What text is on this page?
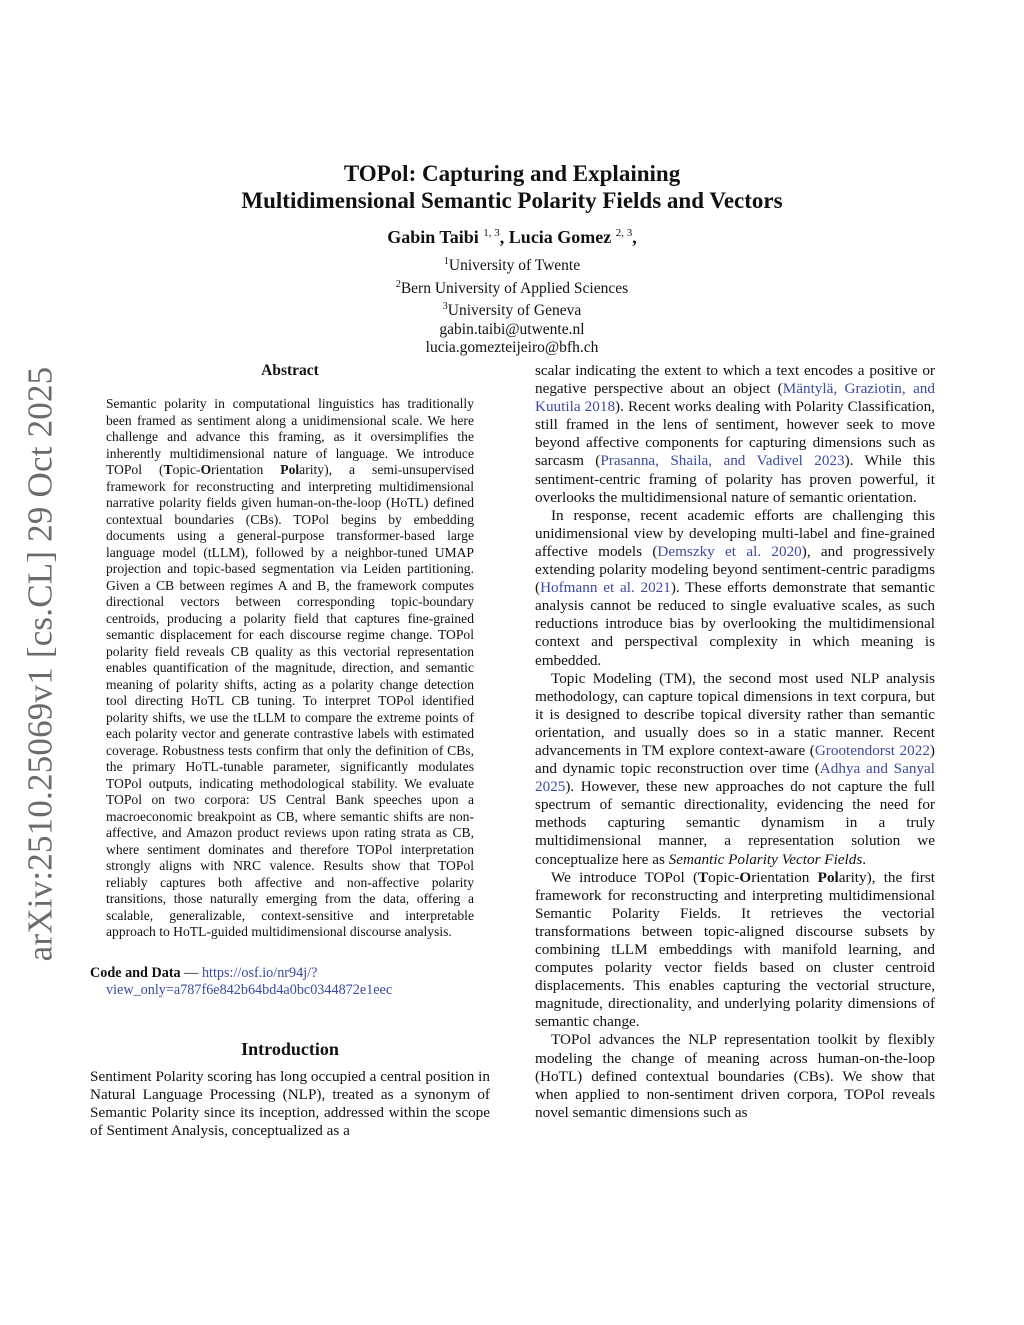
arXiv:2510.25069v1 [cs.CL] 29 Oct 2025
TOPol: Capturing and Explaining
Multidimensional Semantic Polarity Fields and Vectors
Gabin Taibi $^{1, 3}$, Lucia Gomez $^{2, 3}$,
$^1$University of Twente
$^2$Bern University of Applied Sciences
$^3$University of Geneva
gabin.taibi@utwente.nl
lucia.gomezteijeiro@bfh.ch
Abstract

Semantic polarity in computational linguistics has traditionally been framed as sentiment along a unidimensional scale. We here challenge and advance this framing, as it oversimplifies the inherently multidimensional nature of language. We introduce TOPol (Topic-Orientation Polarity), a semi-unsupervised framework for reconstructing and interpreting multidimensional narrative polarity fields given human-on-the-loop (HoTL) defined contextual boundaries (CBs). TOPol begins by embedding documents using a general-purpose transformer-based large language model (tLLM), followed by a neighbor-tuned UMAP projection and topic-based segmentation via Leiden partitioning. Given a CB between regimes A and B, the framework computes directional vectors between corresponding topic-boundary centroids, producing a polarity field that captures fine-grained semantic displacement for each discourse regime change. TOPol polarity field reveals CB quality as this vectorial representation enables quantification of the magnitude, direction, and semantic meaning of polarity shifts, acting as a polarity change detection tool directing HoTL CB tuning. To interpret TOPol identified polarity shifts, we use the tLLM to compare the extreme points of each polarity vector and generate contrastive labels with estimated coverage. Robustness tests confirm that only the definition of CBs, the primary HoTL-tunable parameter, significantly modulates TOPol outputs, indicating methodological stability. We evaluate TOPol on two corpora: US Central Bank speeches upon a macroeconomic breakpoint as CB, where semantic shifts are non-affective, and Amazon product reviews upon rating strata as CB, where sentiment dominates and therefore TOPol interpretation strongly aligns with NRC valence. Results show that TOPol reliably captures both affective and non-affective polarity transitions, those naturally emerging from the data, offering a scalable, generalizable, context-sensitive and interpretable approach to HoTL-guided multidimensional discourse analysis.

Code and Data — https://osf.io/nr94j/?view_only=a787f6e842b64bd4a0bc0344872e1eec

Introduction

Sentiment Polarity scoring has long occupied a central position in Natural Language Processing (NLP), treated as a synonym of Semantic Polarity since its inception, addressed within the scope of Sentiment Analysis, conceptualized as a

scalar indicating the extent to which a text encodes a positive or negative perspective about an object (Mäntylä, Graziotin, and Kuutila 2018). Recent works dealing with Polarity Classification, still framed in the lens of sentiment, however seek to move beyond affective components for capturing dimensions such as sarcasm (Prasanna, Shaila, and Vadivel 2023). While this sentiment-centric framing of polarity has proven powerful, it overlooks the multidimensional nature of semantic orientation.

In response, recent academic efforts are challenging this unidimensional view by developing multi-label and fine-grained affective models (Demszky et al. 2020), and progressively extending polarity modeling beyond sentiment-centric paradigms (Hofmann et al. 2021). These efforts demonstrate that semantic analysis cannot be reduced to single evaluative scales, as such reductions introduce bias by overlooking the multidimensional context and perspectival complexity in which meaning is embedded.

Topic Modeling (TM), the second most used NLP analysis methodology, can capture topical dimensions in text corpura, but it is designed to describe topical diversity rather than semantic orientation, and usually does so in a static manner. Recent advancements in TM explore context-aware (Grootendorst 2022) and dynamic topic reconstruction over time (Adhya and Sanyal 2025). However, these new approaches do not capture the full spectrum of semantic directionality, evidencing the need for methods capturing semantic dynamism in a truly multidimensional manner, a representation solution we conceptualize here as Semantic Polarity Vector Fields.

We introduce TOPol (Topic-Orientation Polarity), the first framework for reconstructing and interpreting multidimensional Semantic Polarity Fields. It retrieves the vectorial transformations between topic-aligned discourse subsets by combining tLLM embeddings with manifold learning, and computes polarity vector fields based on cluster centroid displacements. This enables capturing the vectorial structure, magnitude, directionality, and underlying polarity dimensions of semantic change.

TOPol advances the NLP representation toolkit by flexibly modeling the change of meaning across human-on-the-loop (HoTL) defined contextual boundaries (CBs). We show that when applied to non-sentiment driven corpora, TOPol reveals novel semantic dimensions such as
